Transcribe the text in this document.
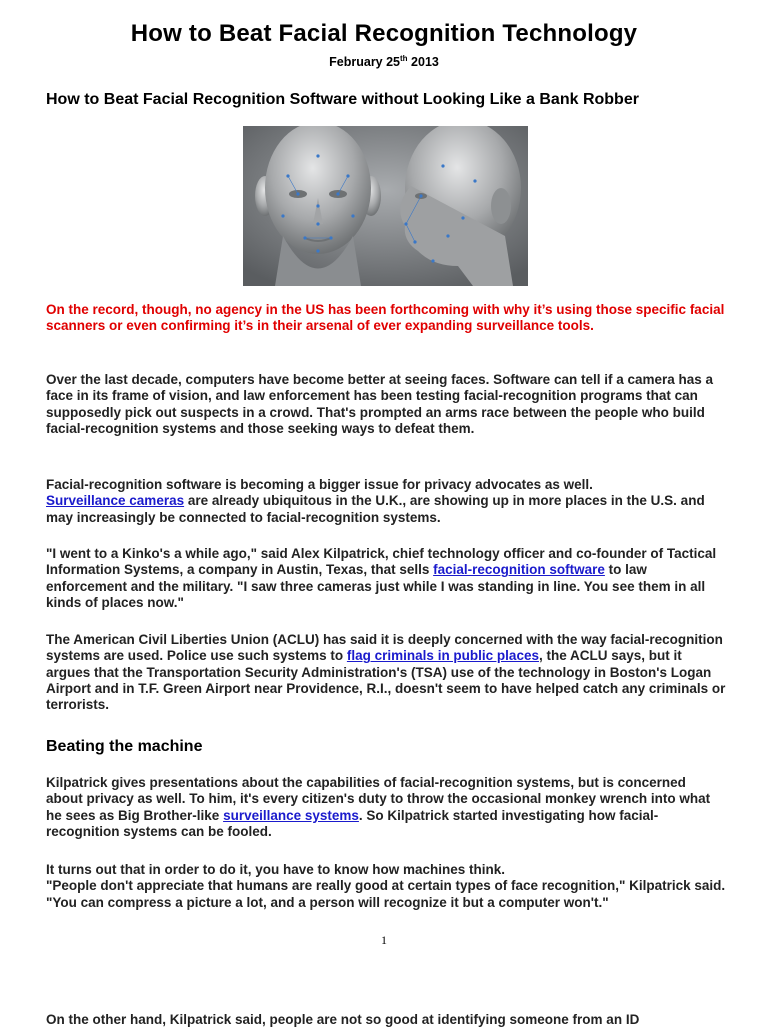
How to Beat Facial Recognition Technology
February 25th 2013
How to Beat Facial Recognition Software without Looking Like a Bank Robber

On the record, though, no agency in the US has been forthcoming with why it’s using those specific facial scanners or even confirming it’s in their arsenal of ever expanding surveillance tools.

Over the last decade, computers have become better at seeing faces. Software can tell if a camera has a face in its frame of vision, and law enforcement has been testing facial-recognition programs that can supposedly pick out suspects in a crowd. That's prompted an arms race between the people who build facial-recognition systems and those seeking ways to defeat them.

Facial-recognition software is becoming a bigger issue for privacy advocates as well.
Surveillance cameras are already ubiquitous in the U.K., are showing up in more places in the U.S. and may increasingly be connected to facial-recognition systems.

"I went to a Kinko's a while ago," said Alex Kilpatrick, chief technology officer and co-founder of Tactical Information Systems, a company in Austin, Texas, that sells facial-recognition software to law enforcement and the military. "I saw three cameras just while I was standing in line. You see them in all kinds of places now."

The American Civil Liberties Union (ACLU) has said it is deeply concerned with the way facial-recognition systems are used. Police use such systems to flag criminals in public places, the ACLU says, but it argues that the Transportation Security Administration's (TSA) use of the technology in Boston's Logan Airport and in T.F. Green Airport near Providence, R.I., doesn't seem to have helped catch any criminals or terrorists.

Beating the machine

Kilpatrick gives presentations about the capabilities of facial-recognition systems, but is concerned about privacy as well. To him, it's every citizen's duty to throw the occasional monkey wrench into what he sees as Big Brother-like surveillance systems. So Kilpatrick started investigating how facial-recognition systems can be fooled.

It turns out that in order to do it, you have to know how machines think.
"People don't appreciate that humans are really good at certain types of face recognition," Kilpatrick said. "You can compress a picture a lot, and a person will recognize it but a computer won't."

1

On the other hand, Kilpatrick said, people are not so good at identifying someone from an ID
